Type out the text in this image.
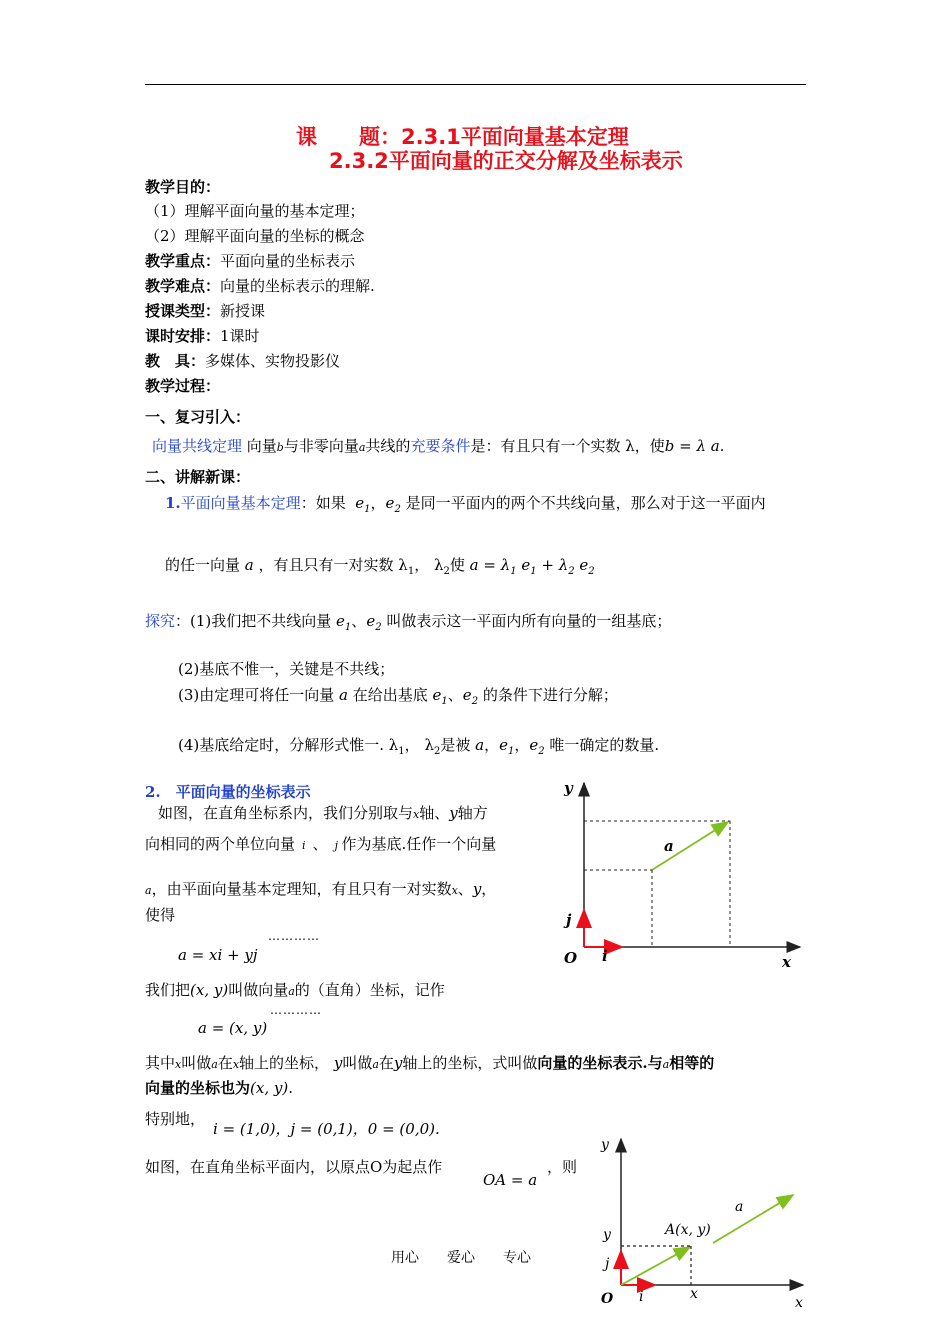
课　　题：2.3.1平面向量基本定理
2.3.2平面向量的正交分解及坐标表示
教学目的：
（1）理解平面向量的基本定理；
（2）理解平面向量的坐标的概念
教学重点：平面向量的坐标表示
教学难点：向量的坐标表示的理解.
授课类型：新授课
课时安排：1课时
教　具：多媒体、实物投影仪
教学过程：
一、复习引入：
向量共线定理 向量b与非零向量a共线的充要条件是：有且只有一个实数 λ，使b = λ a.
二、讲解新课：
1.平面向量基本定理：如果 $e_1$，$e_2$ 是同一平面内的两个不共线向量，那么对于这一平面内
的任一向量 a ，有且只有一对实数 $\lambda_1$， $\lambda_2$使 $a = \lambda_1$ $e_1 + \lambda_2$ $e_2$
探究：(1)我们把不共线向量 $e_1$、$e_2$ 叫做表示这一平面内所有向量的一组基底；
(2)基底不惟一，关键是不共线；
(3)由定理可将任一向量 a 在给出基底 $e_1$、$e_2$ 的条件下进行分解；
(4)基底给定时，分解形式惟一. $\lambda_1$， $\lambda_2$是被 a，$e_1$，$e_2$ 唯一确定的数量.
2.　平面向量的坐标表示
如图，在直角坐标系内，我们分别取与x轴、y轴方
向相同的两个单位向量 i 、 j 作为基底.任作一个向量
a，由平面向量基本定理知，有且只有一对实数x、y，
使得
…………
a = xi + yj
我们把(x, y)叫做向量a的（直角）坐标，记作
…………
a = (x, y)
其中x叫做a在x轴上的坐标， y叫做a在y轴上的坐标，式叫做向量的坐标表示.与a相等的
向量的坐标也为(x, y).
特别地，
i = (1,0)，j = (0,1)，0 = (0,0).
如图，在直角坐标平面内，以原点O为起点作
OA = a
，则
y
x
O i
j
a
y
x
O i
j
y
x
A(x, y)
a
用心　　爱心　　专心
